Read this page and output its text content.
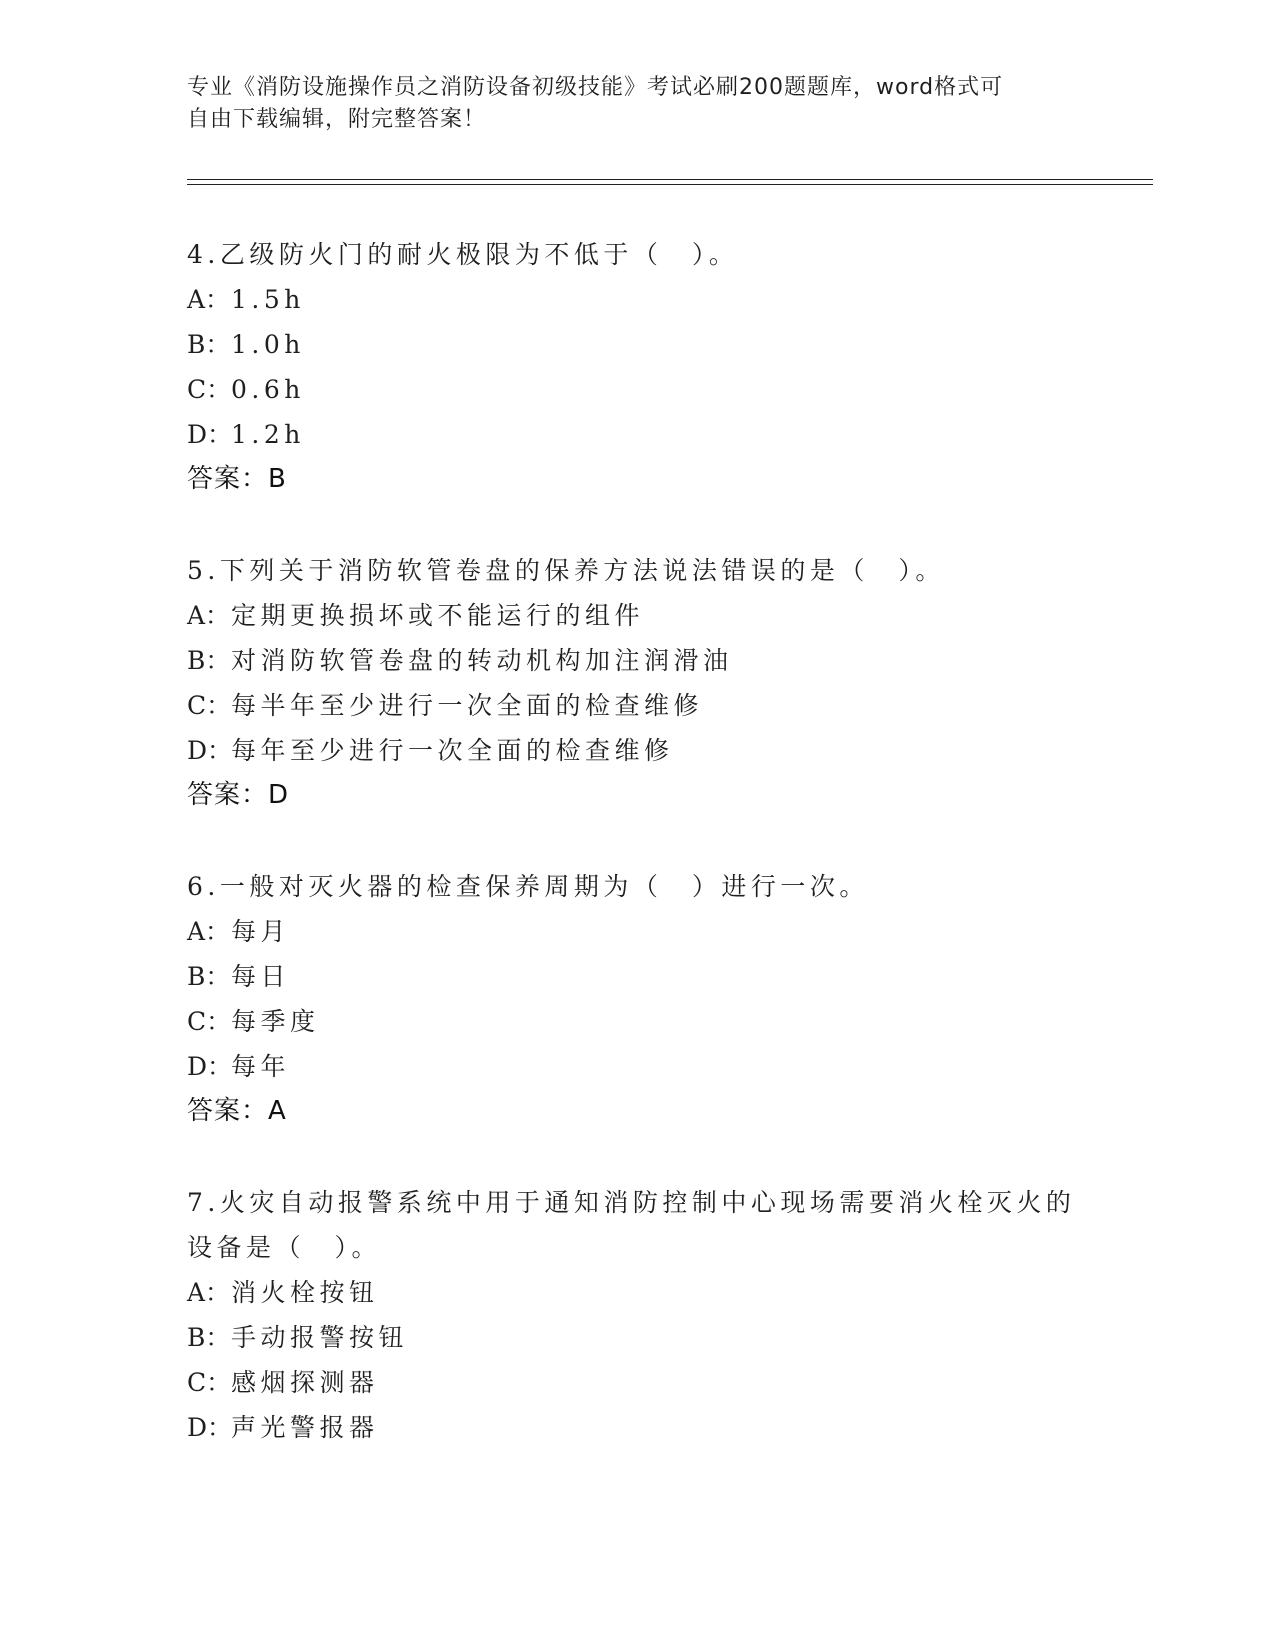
专业《消防设施操作员之消防设备初级技能》考试必刷200题题库，word格式可
自由下载编辑，附完整答案！

4.乙级防火门的耐火极限为不低于（　）。

A： 1.5h

B： 1.0h

C： 0.6h

D：
1.2h

答案：B

5.下列关于消防软管卷盘的保养方法说法错误的是（　）。

A： 定期更换损坏或不能运行的组件

B： 对消防软管卷盘的转动机构加注润滑油

C： 每半年至少进行一次全面的检查维修

D：
每年至少进行一次全面的检查维修

答案：D

6.一般对灭火器的检查保养周期为（　）进行一次。

A： 每月

B： 每日

C： 每季度

D：
每年

答案：A

7.火灾自动报警系统中用于通知消防控制中心现场需要消火栓灭火的

设备是（　）。

A： 消火栓按钮

B： 手动报警按钮

C： 感烟探测器

D：
声光警报器
